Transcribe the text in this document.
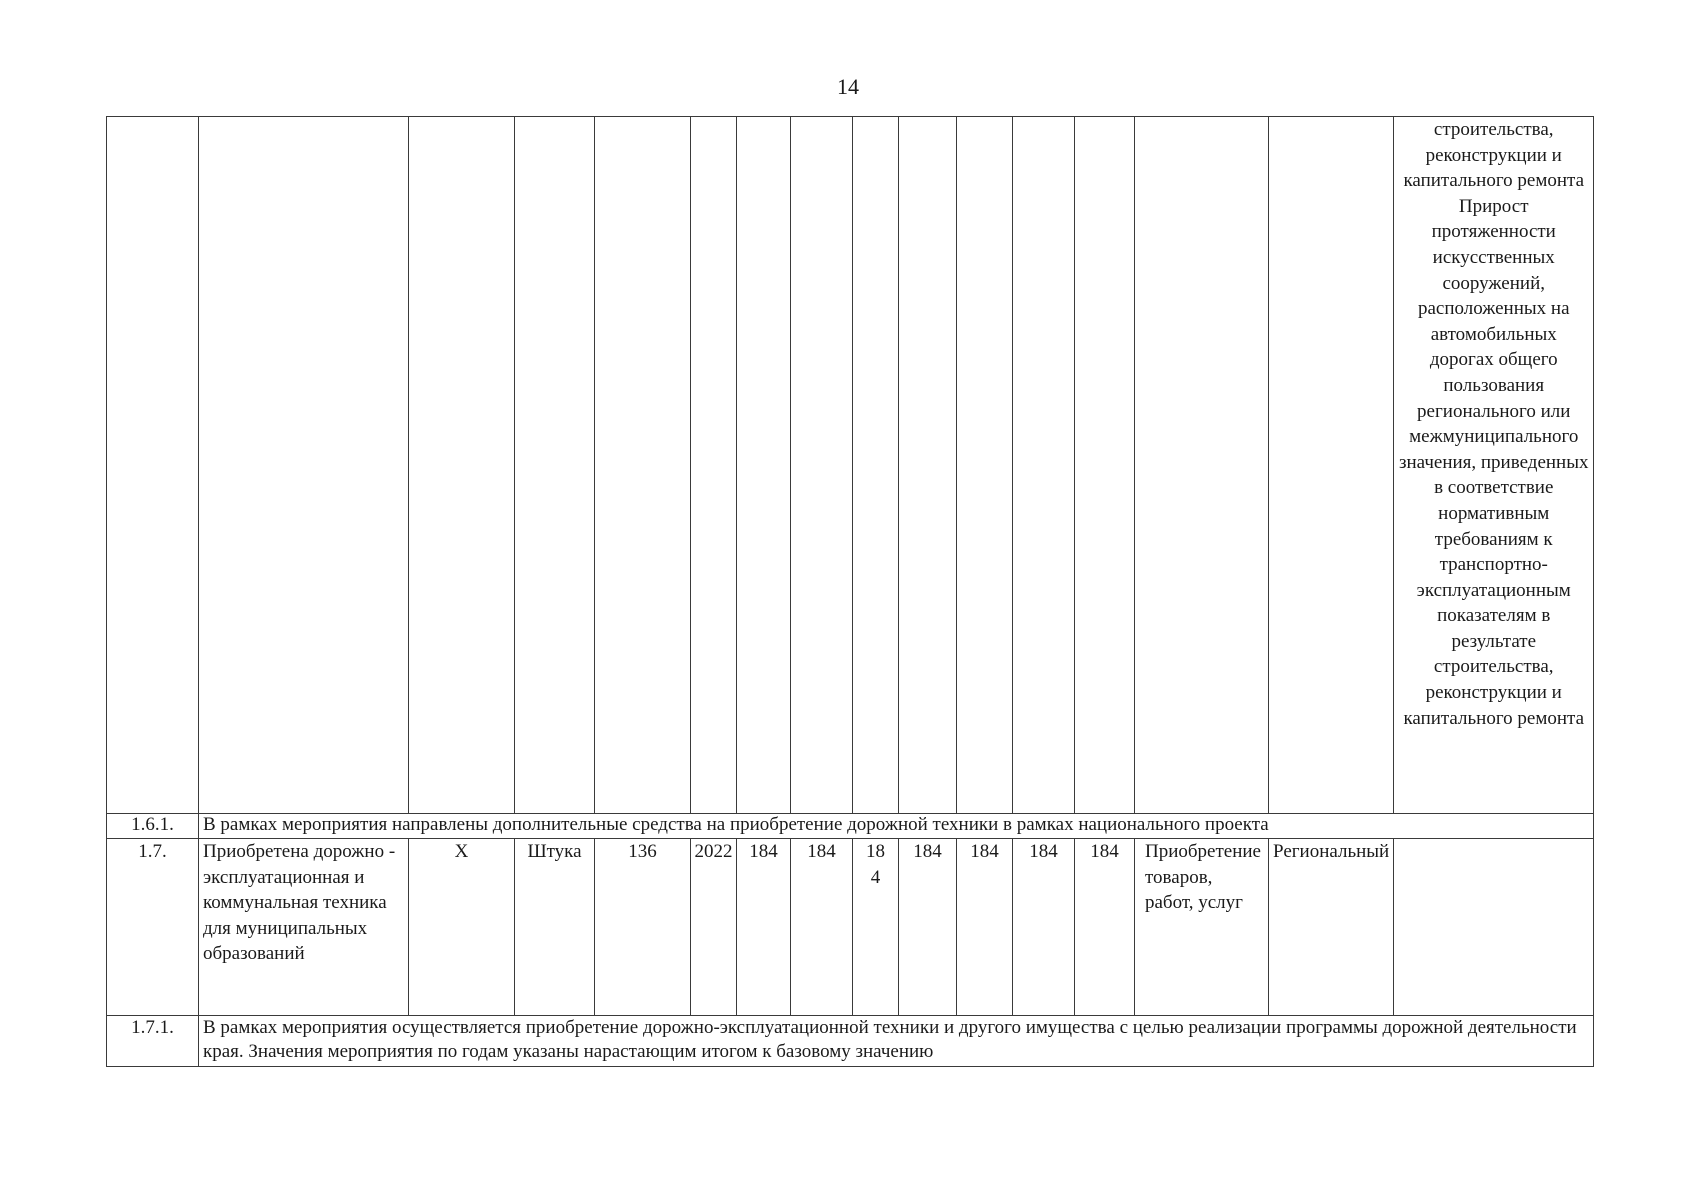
14
															строительства, реконструкции и капитального ремонта Прирост протяженности искусственных сооружений, расположенных на автомобильных дорогах общего пользования регионального или межмуниципального значения, приведенных в соответствие нормативным требованиям к транспортно-эксплуатационным показателям в результате строительства, реконструкции и капитального ремонта
1.6.1.	В рамках мероприятия направлены дополнительные средства на приобретение дорожной техники в рамках национального проекта														
1.7.	Приобретена дорожно - эксплуатационная и коммунальная техника для муниципальных образований	X	Штука	136	2022	184	184	18 4	184	184	184	184	Приобретение товаров, работ, услуг	Региональный	
1.7.1.	В рамках мероприятия осуществляется приобретение дорожно-эксплуатационной техники и другого имущества с целью реализации программы дорожной деятельности края. Значения мероприятия по годам указаны нарастающим итогом к базовому значению														
